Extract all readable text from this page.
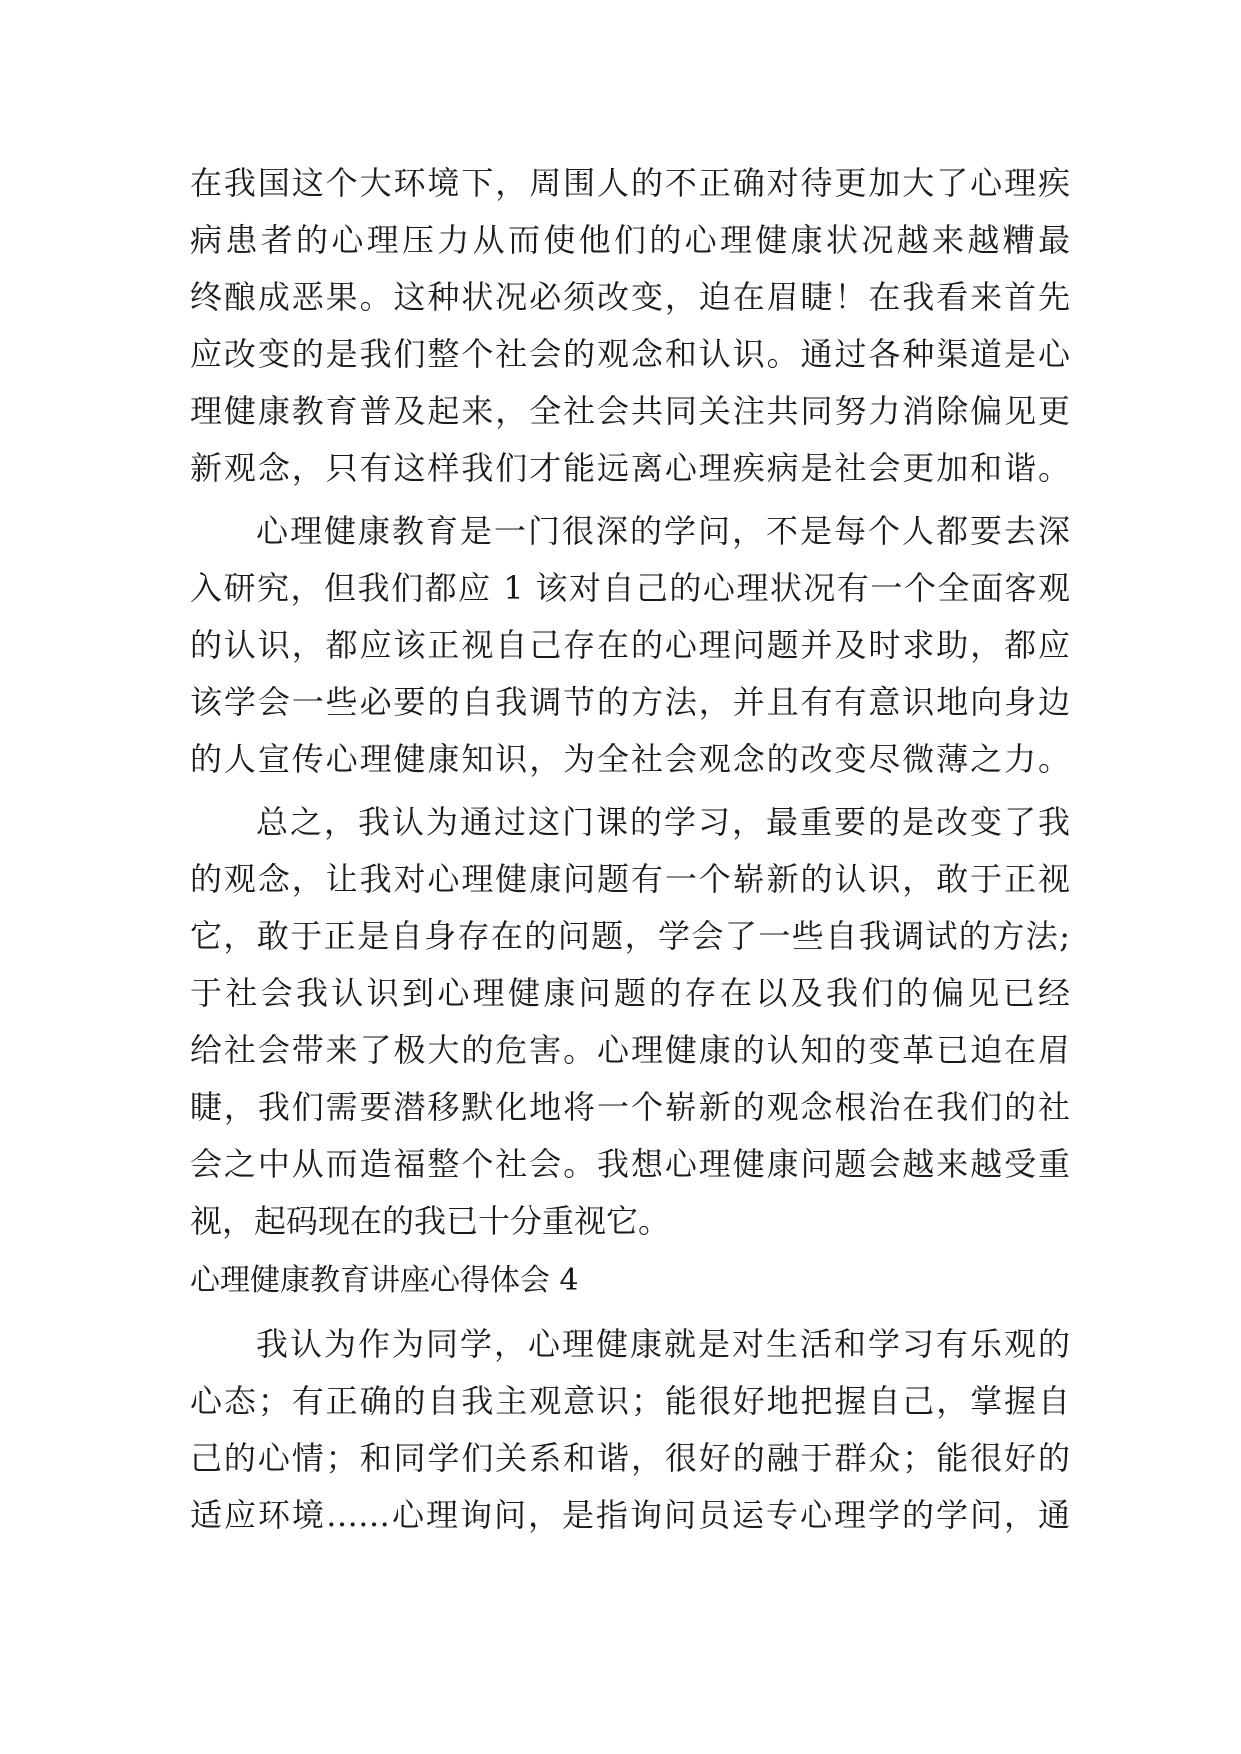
在我国这个大环境下，周围人的不正确对待更加大了心理疾
病患者的心理压力从而使他们的心理健康状况越来越糟最
终酿成恶果。这种状况必须改变，迫在眉睫！在我看来首先
应改变的是我们整个社会的观念和认识。通过各种渠道是心
理健康教育普及起来，全社会共同关注共同努力消除偏见更
新观念，只有这样我们才能远离心理疾病是社会更加和谐。
心理健康教育是一门很深的学问，不是每个人都要去深
入研究，但我们都应 1 该对自己的心理状况有一个全面客观
的认识，都应该正视自己存在的心理问题并及时求助，都应
该学会一些必要的自我调节的方法，并且有有意识地向身边
的人宣传心理健康知识，为全社会观念的改变尽微薄之力。
总之，我认为通过这门课的学习，最重要的是改变了我
的观念，让我对心理健康问题有一个崭新的认识，敢于正视
它，敢于正是自身存在的问题，学会了一些自我调试的方法;
于社会我认识到心理健康问题的存在以及我们的偏见已经
给社会带来了极大的危害。心理健康的认知的变革已迫在眉
睫，我们需要潜移默化地将一个崭新的观念根治在我们的社
会之中从而造福整个社会。我想心理健康问题会越来越受重
视，起码现在的我已十分重视它。
心理健康教育讲座心得体会 4
我认为作为同学，心理健康就是对生活和学习有乐观的
心态；有正确的自我主观意识；能很好地把握自己，掌握自
己的心情；和同学们关系和谐，很好的融于群众；能很好的
适应环境……心理询问，是指询问员运专心理学的学问，通
